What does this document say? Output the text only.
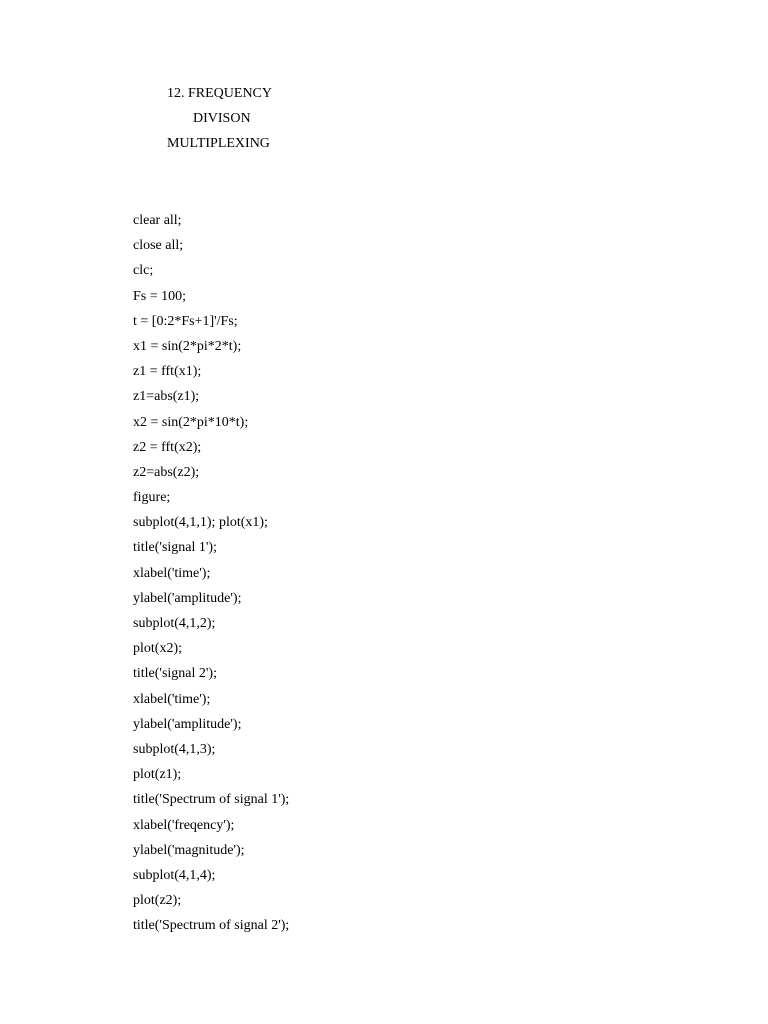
12. FREQUENCY
DIVISON
MULTIPLEXING
clear all;
close all;
clc;
Fs = 100;
t = [0:2*Fs+1]'/Fs;
x1 = sin(2*pi*2*t);
z1 = fft(x1);
z1=abs(z1);
x2 = sin(2*pi*10*t);
z2 = fft(x2);
z2=abs(z2);
figure;
subplot(4,1,1); plot(x1);
title('signal 1');
xlabel('time');
ylabel('amplitude');
subplot(4,1,2);
plot(x2);
title('signal 2');
xlabel('time');
ylabel('amplitude');
subplot(4,1,3);
plot(z1);
title('Spectrum of signal 1');
xlabel('freqency');
ylabel('magnitude');
subplot(4,1,4);
plot(z2);
title('Spectrum of signal 2');
